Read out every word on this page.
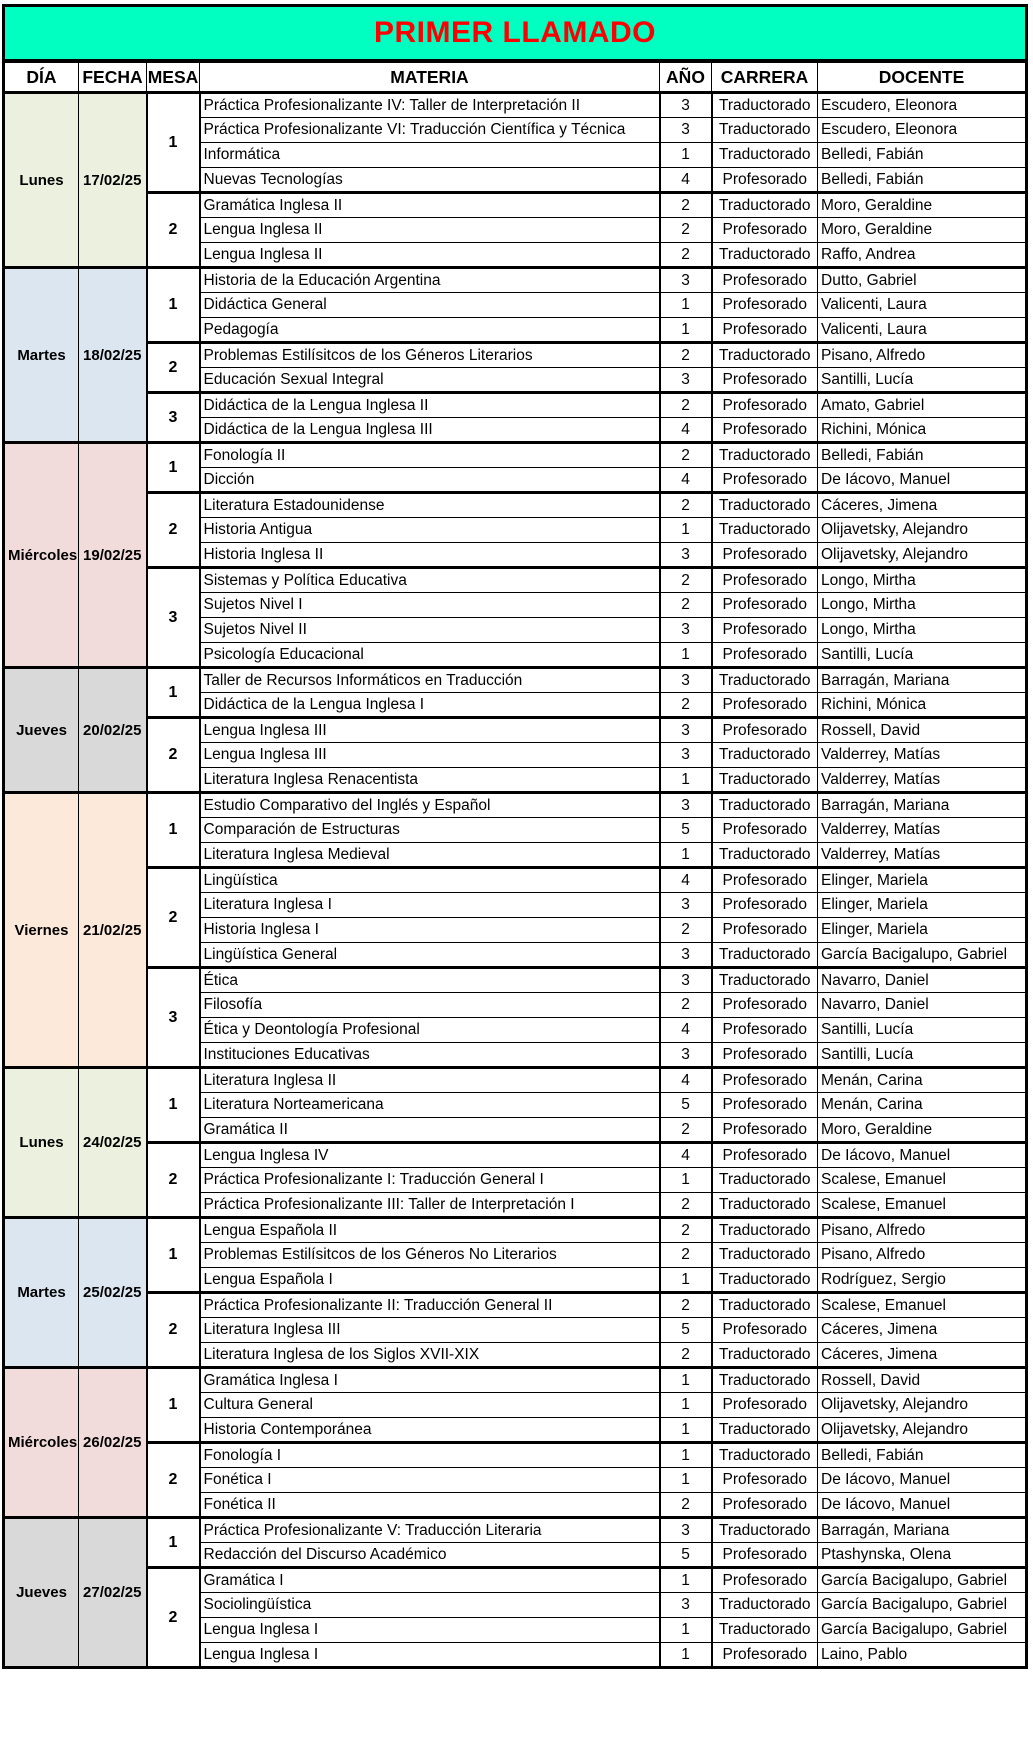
PRIMER LLAMADO
DÍA	FECHA	MESA	MATERIA	AÑO	CARRERA	DOCENTE
Lunes	17/02/25	1	Práctica Profesionalizante IV: Taller de Interpretación II	3	Traductorado	Escudero, Eleonora
			Práctica Profesionalizante VI: Traducción Científica y Técnica	3	Traductorado	Escudero, Eleonora
			Informática	1	Traductorado	Belledi, Fabián
			Nuevas Tecnologías	4	Profesorado	Belledi, Fabián
		2	Gramática Inglesa II	2	Traductorado	Moro, Geraldine
			Lengua Inglesa II	2	Profesorado	Moro, Geraldine
			Lengua Inglesa II	2	Traductorado	Raffo, Andrea
Martes	18/02/25	1	Historia de la Educación Argentina	3	Profesorado	Dutto, Gabriel
			Didáctica General	1	Profesorado	Valicenti, Laura
			Pedagogía	1	Profesorado	Valicenti, Laura
		2	Problemas Estilísitcos de los Géneros Literarios	2	Traductorado	Pisano, Alfredo
			Educación Sexual Integral	3	Profesorado	Santilli, Lucía
		3	Didáctica de la Lengua Inglesa II	2	Profesorado	Amato, Gabriel
			Didáctica de la Lengua Inglesa III	4	Profesorado	Richini, Mónica
Miércoles	19/02/25	1	Fonología II	2	Traductorado	Belledi, Fabián
			Dicción	4	Profesorado	De Iácovo, Manuel
		2	Literatura Estadounidense	2	Traductorado	Cáceres, Jimena
			Historia Antigua	1	Traductorado	Olijavetsky, Alejandro
			Historia Inglesa II	3	Profesorado	Olijavetsky, Alejandro
		3	Sistemas y Política Educativa	2	Profesorado	Longo, Mirtha
			Sujetos Nivel I	2	Profesorado	Longo, Mirtha
			Sujetos Nivel II	3	Profesorado	Longo, Mirtha
			Psicología Educacional	1	Profesorado	Santilli, Lucía
Jueves	20/02/25	1	Taller de Recursos Informáticos en Traducción	3	Traductorado	Barragán, Mariana
			Didáctica de la Lengua Inglesa I	2	Profesorado	Richini, Mónica
		2	Lengua Inglesa III	3	Profesorado	Rossell, David
			Lengua Inglesa III	3	Traductorado	Valderrey, Matías
			Literatura Inglesa Renacentista	1	Traductorado	Valderrey, Matías
Viernes	21/02/25	1	Estudio Comparativo del Inglés y Español	3	Traductorado	Barragán, Mariana
			Comparación de Estructuras	5	Profesorado	Valderrey, Matías
			Literatura Inglesa Medieval	1	Traductorado	Valderrey, Matías
		2	Lingüística	4	Profesorado	Elinger, Mariela
			Literatura Inglesa I	3	Profesorado	Elinger, Mariela
			Historia Inglesa I	2	Profesorado	Elinger, Mariela
			Lingüística General	3	Traductorado	García Bacigalupo, Gabriel
		3	Ética	3	Traductorado	Navarro, Daniel
			Filosofía	2	Profesorado	Navarro, Daniel
			Ética y Deontología Profesional	4	Profesorado	Santilli, Lucía
			Instituciones Educativas	3	Profesorado	Santilli, Lucía
Lunes	24/02/25	1	Literatura Inglesa II	4	Profesorado	Menán, Carina
			Literatura Norteamericana	5	Profesorado	Menán, Carina
			Gramática II	2	Profesorado	Moro, Geraldine
		2	Lengua Inglesa IV	4	Profesorado	De Iácovo, Manuel
			Práctica Profesionalizante I: Traducción General I	1	Traductorado	Scalese, Emanuel
			Práctica Profesionalizante III: Taller de Interpretación I	2	Traductorado	Scalese, Emanuel
Martes	25/02/25	1	Lengua Española II	2	Traductorado	Pisano, Alfredo
			Problemas Estilísitcos de los Géneros No Literarios	2	Traductorado	Pisano, Alfredo
			Lengua Española I	1	Traductorado	Rodríguez, Sergio
		2	Práctica Profesionalizante II: Traducción General II	2	Traductorado	Scalese, Emanuel
			Literatura Inglesa III	5	Profesorado	Cáceres, Jimena
			Literatura Inglesa de los Siglos XVII-XIX	2	Traductorado	Cáceres, Jimena
Miércoles	26/02/25	1	Gramática Inglesa I	1	Traductorado	Rossell, David
			Cultura General	1	Profesorado	Olijavetsky, Alejandro
			Historia Contemporánea	1	Traductorado	Olijavetsky, Alejandro
		2	Fonología I	1	Traductorado	Belledi, Fabián
			Fonética I	1	Profesorado	De Iácovo, Manuel
			Fonética II	2	Profesorado	De Iácovo, Manuel
Jueves	27/02/25	1	Práctica Profesionalizante V: Traducción Literaria	3	Traductorado	Barragán, Mariana
			Redacción del Discurso Académico	5	Profesorado	Ptashynska, Olena
		2	Gramática I	1	Profesorado	García Bacigalupo, Gabriel
			Sociolingüística	3	Traductorado	García Bacigalupo, Gabriel
			Lengua Inglesa I	1	Traductorado	García Bacigalupo, Gabriel
			Lengua Inglesa I	1	Profesorado	Laino, Pablo
